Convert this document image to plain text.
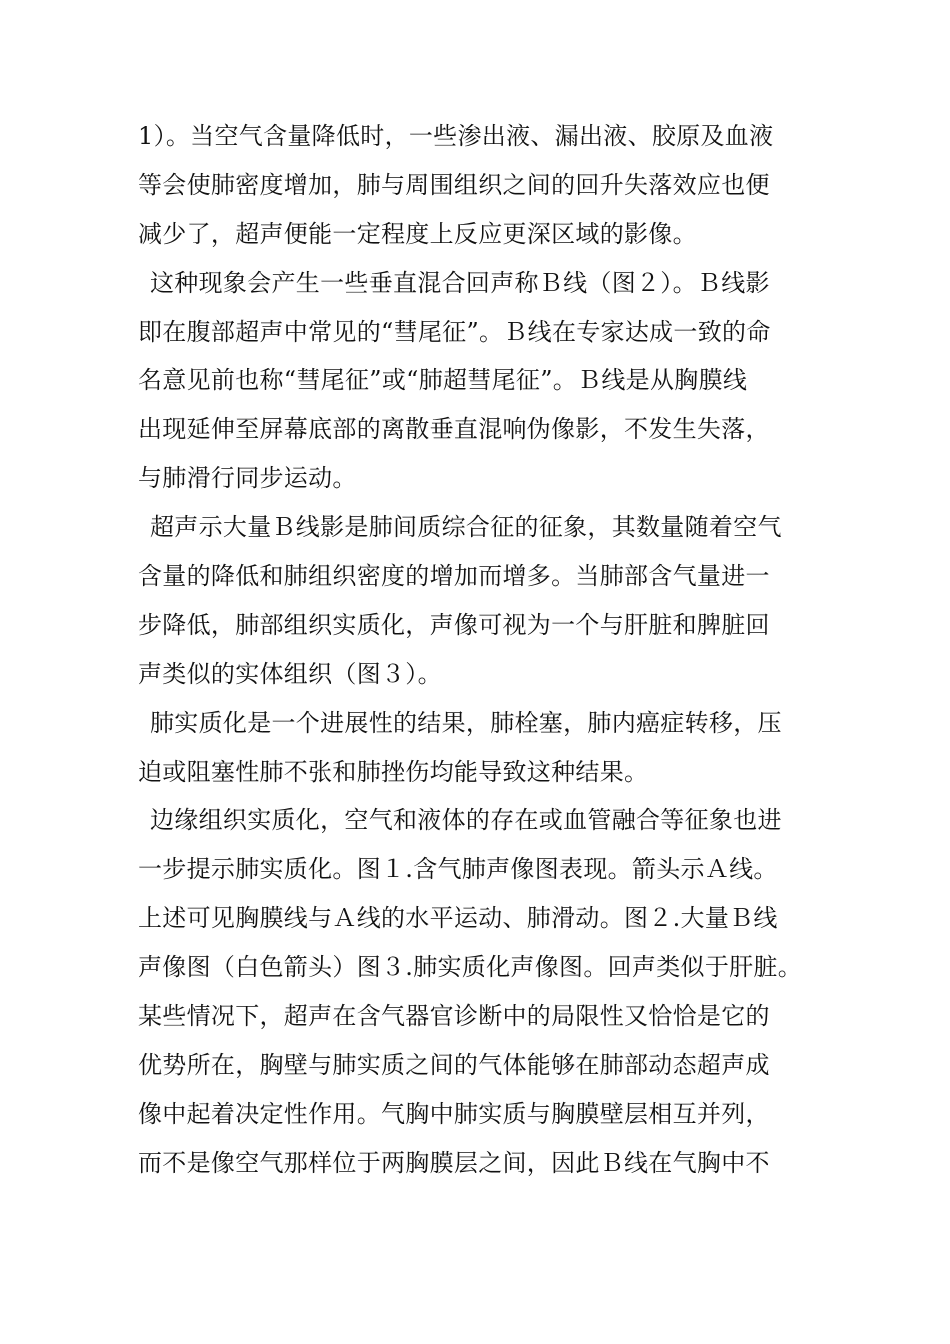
1）。当空气含量降低时，一些渗出液、漏出液、胶原及血液
等会使肺密度增加，肺与周围组织之间的回升失落效应也便
减少了，超声便能一定程度上反应更深区域的影像。
这种现象会产生一些垂直混合回声称Ｂ线（图２）。Ｂ线影
即在腹部超声中常见的“彗尾征”。Ｂ线在专家达成一致的命
名意见前也称“彗尾征”或“肺超彗尾征”。Ｂ线是从胸膜线
出现延伸至屏幕底部的离散垂直混响伪像影，不发生失落，
与肺滑行同步运动。
超声示大量Ｂ线影是肺间质综合征的征象，其数量随着空气
含量的降低和肺组织密度的增加而增多。当肺部含气量进一
步降低，肺部组织实质化，声像可视为一个与肝脏和脾脏回
声类似的实体组织（图３）。
肺实质化是一个进展性的结果，肺栓塞，肺内癌症转移，压
迫或阻塞性肺不张和肺挫伤均能导致这种结果。
边缘组织实质化，空气和液体的存在或血管融合等征象也进
一步提示肺实质化。图１.含气肺声像图表现。箭头示Ａ线。
上述可见胸膜线与Ａ线的水平运动、肺滑动。图２.大量Ｂ线
声像图（白色箭头）图３.肺实质化声像图。回声类似于肝脏。
某些情况下，超声在含气器官诊断中的局限性又恰恰是它的
优势所在，胸壁与肺实质之间的气体能够在肺部动态超声成
像中起着决定性作用。气胸中肺实质与胸膜壁层相互并列，
而不是像空气那样位于两胸膜层之间，因此Ｂ线在气胸中不
